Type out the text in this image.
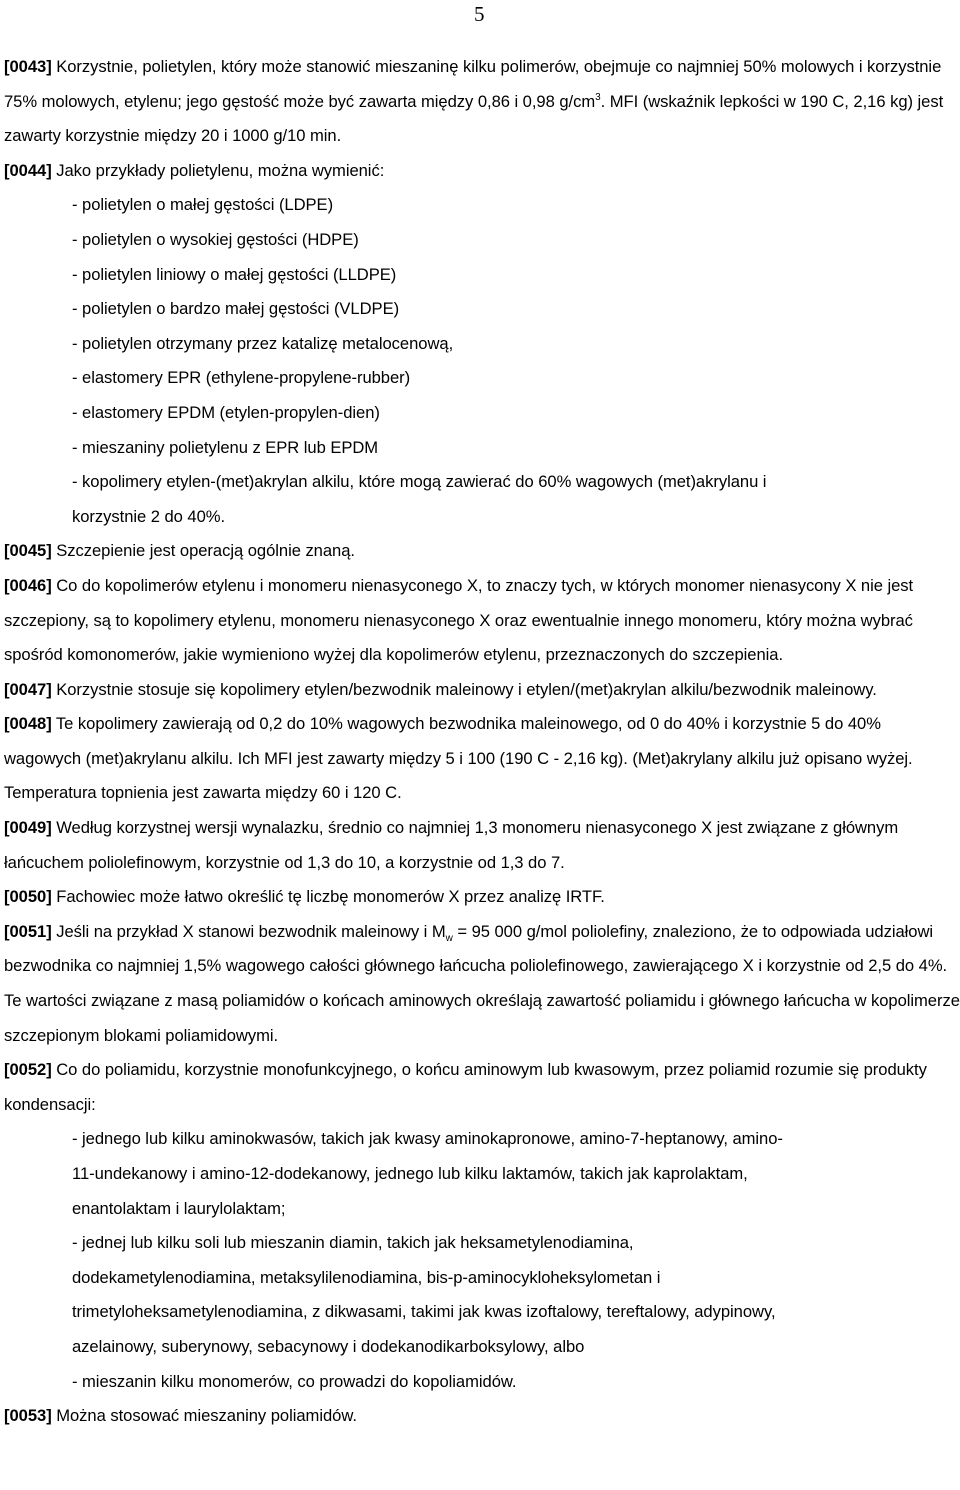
5

[0043] Korzystnie, polietylen, który może stanowić mieszaninę kilku polimerów, obejmuje co najmniej 50% molowych i korzystnie 75% molowych, etylenu; jego gęstość może być zawarta między 0,86 i 0,98 $g/cm^3$. MFI (wskaźnik lepkości w 190 C, 2,16 kg) jest zawarty korzystnie między 20 i 1000 g/10 min.

[0044] Jako przykłady polietylenu, można wymienić:

- polietylen o małej gęstości (LDPE)
- polietylen o wysokiej gęstości (HDPE)
- polietylen liniowy o małej gęstości (LLDPE)
- polietylen o bardzo małej gęstości (VLDPE)
- polietylen otrzymany przez katalizę metalocenową,
- elastomery EPR (ethylene-propylene-rubber)
- elastomery EPDM (etylen-propylen-dien)
- mieszaniny polietylenu z EPR lub EPDM
- kopolimery etylen-(met)akrylan alkilu, które mogą zawierać do 60% wagowych (met)akrylanu i
korzystnie 2 do 40%.

[0045] Szczepienie jest operacją ogólnie znaną.

[0046] Co do kopolimerów etylenu i monomeru nienasyconego X, to znaczy tych, w których monomer nienasycony X nie jest szczepiony, są to kopolimery etylenu, monomeru nienasyconego X oraz ewentualnie innego monomeru, który można wybrać spośród komonomerów, jakie wymieniono wyżej dla kopolimerów etylenu, przeznaczonych do szczepienia.

[0047] Korzystnie stosuje się kopolimery etylen/bezwodnik maleinowy i etylen/(met)akrylan alkilu/bezwodnik maleinowy.

[0048] Te kopolimery zawierają od 0,2 do 10% wagowych bezwodnika maleinowego, od 0 do 40% i korzystnie 5 do 40% wagowych (met)akrylanu alkilu. Ich MFI jest zawarty między 5 i 100 (190 C - 2,16 kg). (Met)akrylany alkilu już opisano wyżej. Temperatura topnienia jest zawarta między 60 i 120 C.

[0049] Według korzystnej wersji wynalazku, średnio co najmniej 1,3 monomeru nienasyconego X jest związane z głównym łańcuchem poliolefinowym, korzystnie od 1,3 do 10, a korzystnie od 1,3 do 7.

[0050] Fachowiec może łatwo określić tę liczbę monomerów X przez analizę IRTF.

[0051] Jeśli na przykład X stanowi bezwodnik maleinowy i $M_w = 95$ 000 g/mol poliolefiny, znaleziono, że to odpowiada udziałowi bezwodnika co najmniej 1,5% wagowego całości głównego łańcucha poliolefinowego, zawierającego X i korzystnie od 2,5 do 4%. Te wartości związane z masą poliamidów o końcach aminowych określają zawartość poliamidu i głównego łańcucha w kopolimerze szczepionym blokami poliamidowymi.

[0052] Co do poliamidu, korzystnie monofunkcyjnego, o końcu aminowym lub kwasowym, przez poliamid rozumie się produkty kondensacji:

- jednego lub kilku aminokwasów, takich jak kwasy aminokapronowe, amino-7-heptanowy, amino-
11-undekanowy i amino-12-dodekanowy, jednego lub kilku laktamów, takich jak kaprolaktam,
enantolaktam i laurylolaktam;
- jednej lub kilku soli lub mieszanin diamin, takich jak heksametylenodiamina,
dodekametylenodiamina, metaksylilenodiamina, bis-p-aminocykloheksylometan i
trimetyloheksametylenodiamina, z dikwasami, takimi jak kwas izoftalowy, tereftalowy, adypinowy,
azelainowy, suberynowy, sebacynowy i dodekanodikarboksylowy, albo
- mieszanin kilku monomerów, co prowadzi do kopoliamidów.

[0053] Można stosować mieszaniny poliamidów.
